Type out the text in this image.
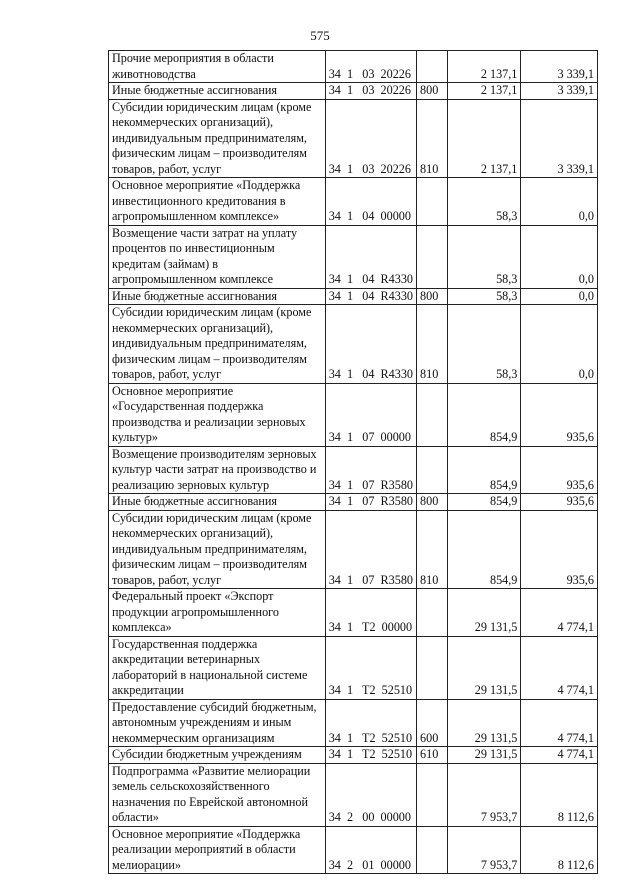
575
Прочие мероприятия в области животноводства	34  1   03  20226		2 137,1	3 339,1
Иные бюджетные ассигнования	34  1   03  20226	800	2 137,1	3 339,1
Субсидии юридическим лицам (кроме некоммерческих организаций), индивидуальным предпринимателям, физическим лицам – производителям товаров, работ, услуг	34  1   03  20226	810	2 137,1	3 339,1
Основное мероприятие «Поддержка инвестиционного кредитования в агропромышленном комплексе»	34  1   04  00000		58,3	0,0
Возмещение части затрат на уплату процентов по инвестиционным кредитам (займам) в агропромышленном комплексе	34  1   04  R4330		58,3	0,0
Иные бюджетные ассигнования	34  1   04  R4330	800	58,3	0,0
Субсидии юридическим лицам (кроме некоммерческих организаций), индивидуальным предпринимателям, физическим лицам – производителям товаров, работ, услуг	34  1   04  R4330	810	58,3	0,0
Основное мероприятие «Государственная поддержка производства и реализации зерновых культур»	34  1   07  00000		854,9	935,6
Возмещение производителям зерновых культур части затрат на производство и реализацию зерновых культур	34  1   07  R3580		854,9	935,6
Иные бюджетные ассигнования	34  1   07  R3580	800	854,9	935,6
Субсидии юридическим лицам (кроме некоммерческих организаций), индивидуальным предпринимателям, физическим лицам – производителям товаров, работ, услуг	34  1   07  R3580	810	854,9	935,6
Федеральный проект «Экспорт продукции агропромышленного комплекса»	34  1   T2  00000		29 131,5	4 774,1
Государственная поддержка аккредитации ветеринарных лабораторий в национальной системе аккредитации	34  1   T2  52510		29 131,5	4 774,1
Предоставление субсидий бюджетным, автономным учреждениям и иным некоммерческим организациям	34  1   T2  52510	600	29 131,5	4 774,1
Субсидии бюджетным учреждениям	34  1   T2  52510	610	29 131,5	4 774,1
Подпрограмма «Развитие мелиорации земель сельскохозяйственного назначения по Еврейской автономной области»	34  2   00  00000		7 953,7	8 112,6
Основное мероприятие «Поддержка реализации мероприятий в области мелиорации»	34  2   01  00000		7 953,7	8 112,6
